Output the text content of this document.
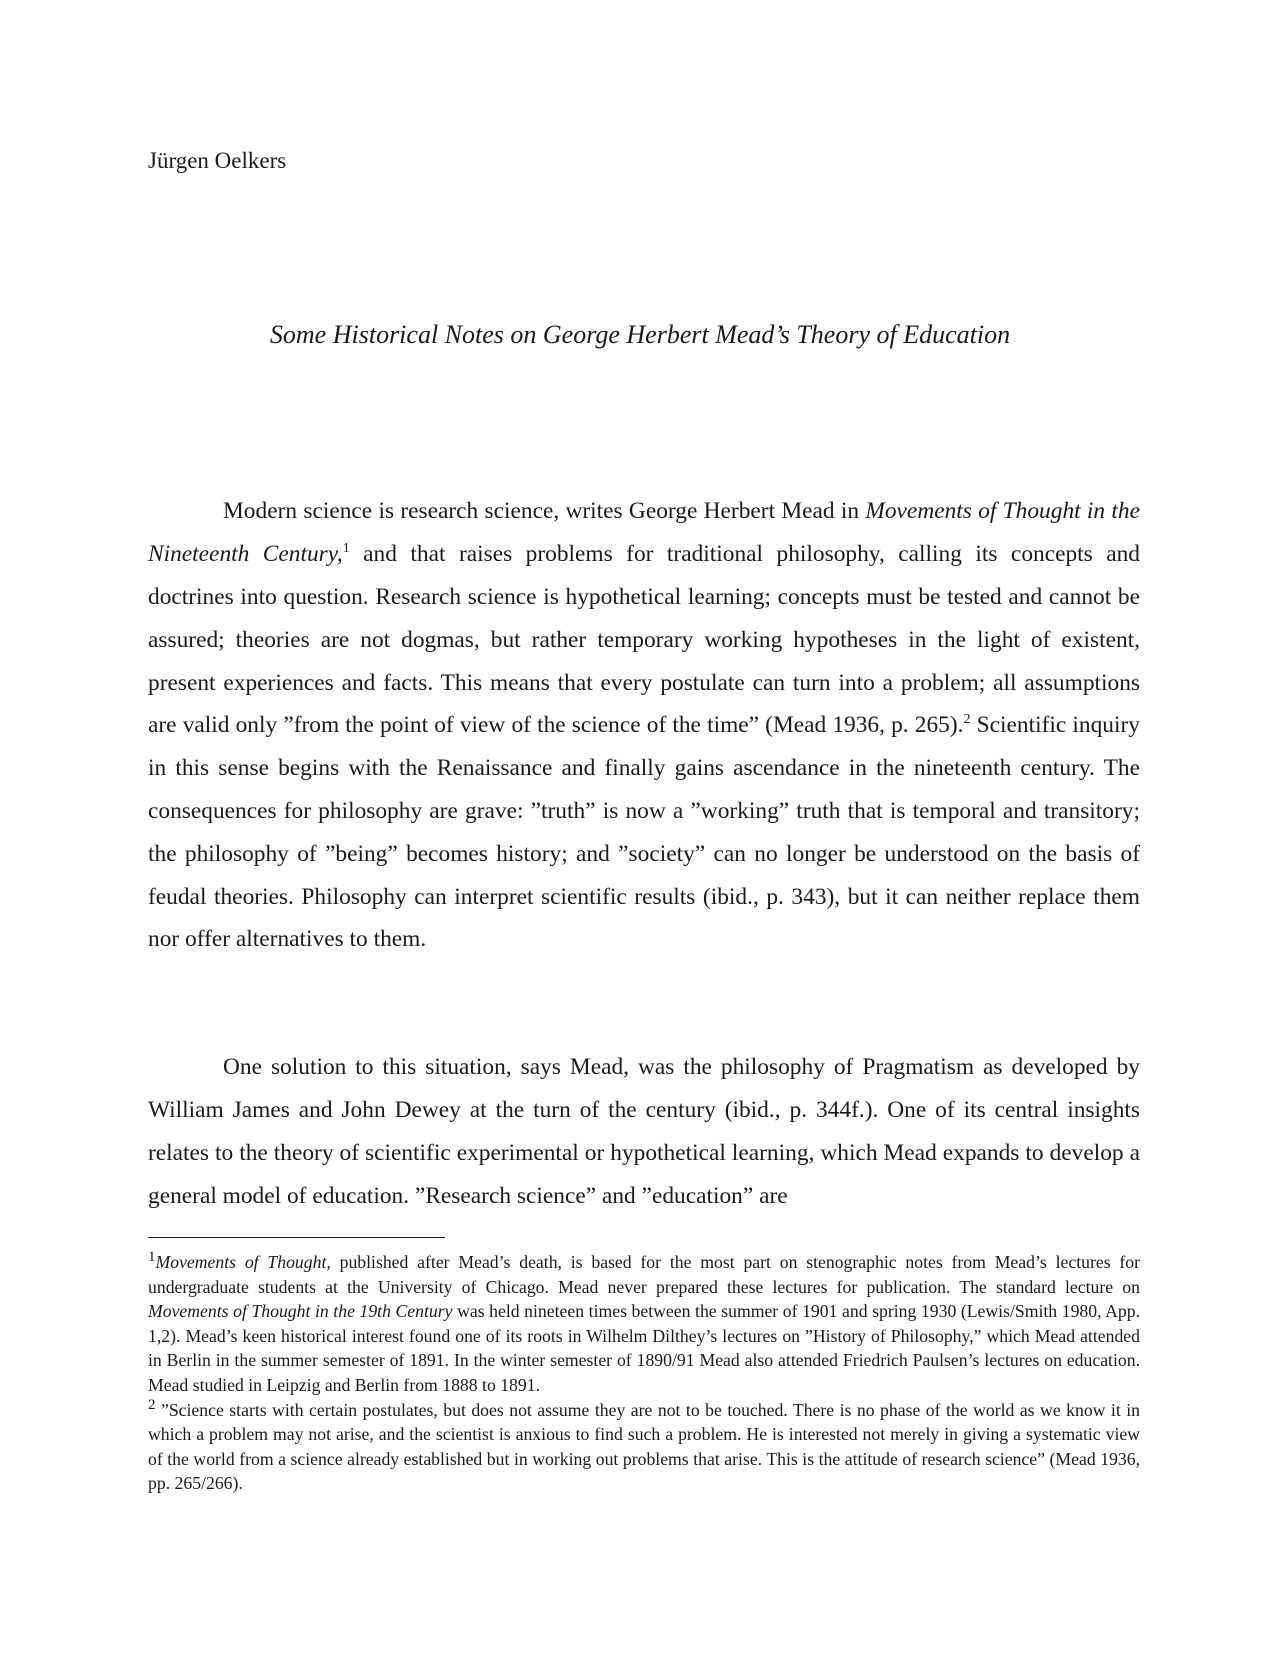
Jürgen Oelkers
Some Historical Notes on George Herbert Mead’s Theory of Education

Modern science is research science, writes George Herbert Mead in Movements of Thought in the Nineteenth Century,$^1$ and that raises problems for traditional philosophy, calling its concepts and doctrines into question. Research science is hypothetical learning; concepts must be tested and cannot be assured; theories are not dogmas, but rather temporary working hypotheses in the light of existent, present experiences and facts. This means that every postulate can turn into a problem; all assumptions are valid only ”from the point of view of the science of the time” (Mead 1936, p. 265).$^2$ Scientific inquiry in this sense begins with the Renaissance and finally gains ascendance in the nineteenth century. The consequences for philosophy are grave: ”truth” is now a ”working” truth that is temporal and transitory; the philosophy of ”being” becomes history; and ”society” can no longer be understood on the basis of feudal theories. Philosophy can interpret scientific results (ibid., p. 343), but it can neither replace them nor offer alternatives to them.

One solution to this situation, says Mead, was the philosophy of Pragmatism as developed by William James and John Dewey at the turn of the century (ibid., p. 344f.). One of its central insights relates to the theory of scientific experimental or hypothetical learning, which Mead expands to develop a general model of education. ”Research science” and ”education” are

$^1$Movements of Thought, published after Mead’s death, is based for the most part on stenographic notes from Mead’s lectures for undergraduate students at the University of Chicago. Mead never prepared these lectures for publication. The standard lecture on Movements of Thought in the 19th Century was held nineteen times between the summer of 1901 and spring 1930 (Lewis/Smith 1980, App. 1,2). Mead’s keen historical interest found one of its roots in Wilhelm Dilthey’s lectures on ”History of Philosophy,” which Mead attended in Berlin in the summer semester of 1891. In the winter semester of 1890/91 Mead also attended Friedrich Paulsen’s lectures on education. Mead studied in Leipzig and Berlin from 1888 to 1891.

$^2$ ”Science starts with certain postulates, but does not assume they are not to be touched. There is no phase of the world as we know it in which a problem may not arise, and the scientist is anxious to find such a problem. He is interested not merely in giving a systematic view of the world from a science already established but in working out problems that arise. This is the attitude of research science” (Mead 1936, pp. 265/266).
